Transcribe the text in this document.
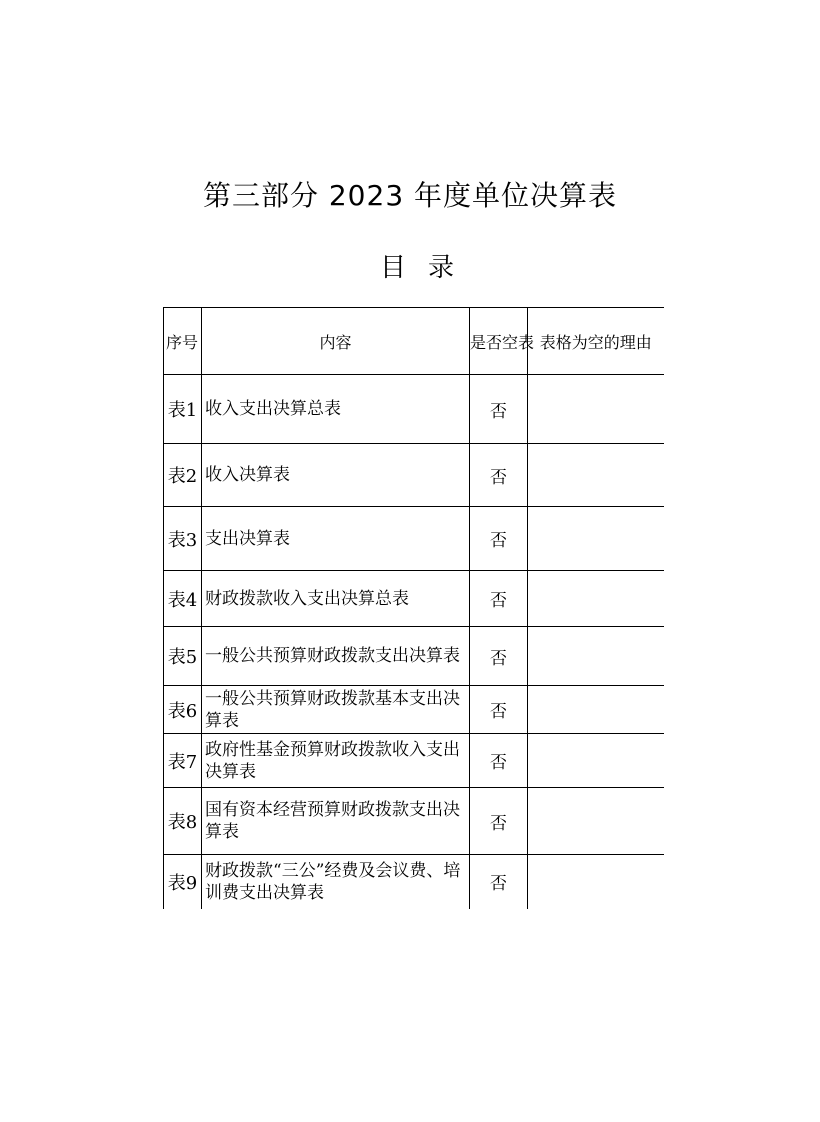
第三部分 2023 年度单位决算表
目录
序号	内容	是否空表	表格为空的理由
表1	收入支出决算总表	否	
表2	收入决算表	否	
表3	支出决算表	否	
表4	财政拨款收入支出决算总表	否	
表5	一般公共预算财政拨款支出决算表	否	
表6	一般公共预算财政拨款基本支出决算表	否	
表7	政府性基金预算财政拨款收入支出决算表	否	
表8	国有资本经营预算财政拨款支出决算表	否	
表9	财政拨款“三公”经费及会议费、培训费支出决算表	否	
